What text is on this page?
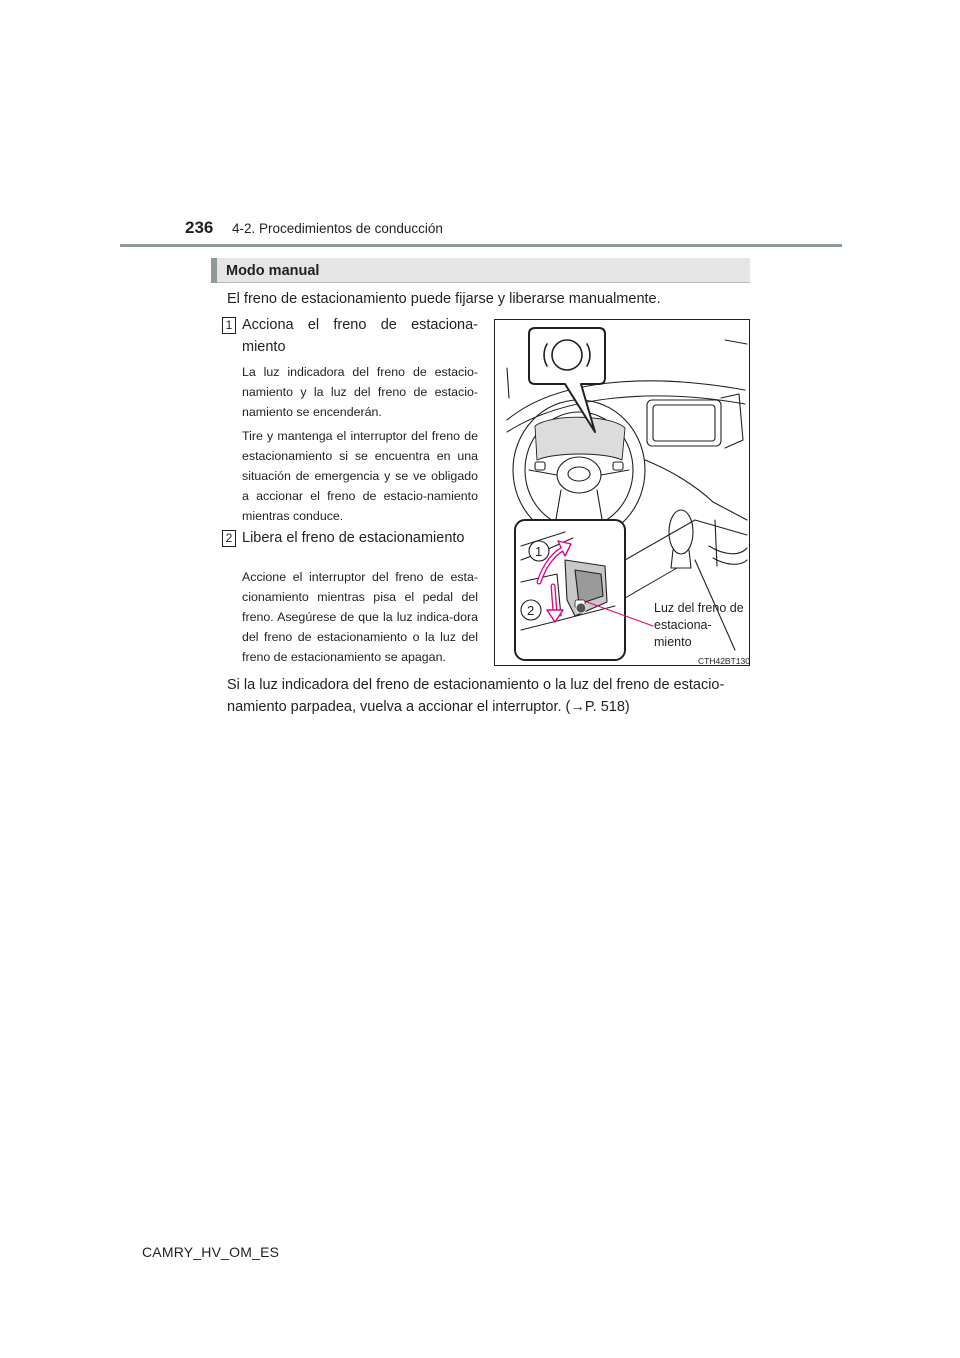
236 4-2. Procedimientos de conducción
Modo manual
El freno de estacionamiento puede fijarse y liberarse manualmente.
1 Acciona el freno de estaciona-miento
La luz indicadora del freno de estacio-namiento y la luz del freno de estacio-namiento se encenderán.
Tire y mantenga el interruptor del freno de estacionamiento si se encuentra en una situación de emergencia y se ve obligado a accionar el freno de estacio-namiento mientras conduce.
2 Libera el freno de estacionamiento
Accione el interruptor del freno de esta-cionamiento mientras pisa el pedal del freno. Asegúrese de que la luz indica-dora del freno de estacionamiento o la luz del freno de estacionamiento se apagan.
1
2	Luz del freno de estaciona-miento
CTH42BT130
Si la luz indicadora del freno de estacionamiento o la luz del freno de estacio-namiento parpadea, vuelva a accionar el interruptor. (→P. 518)
CAMRY_HV_OM_ES
